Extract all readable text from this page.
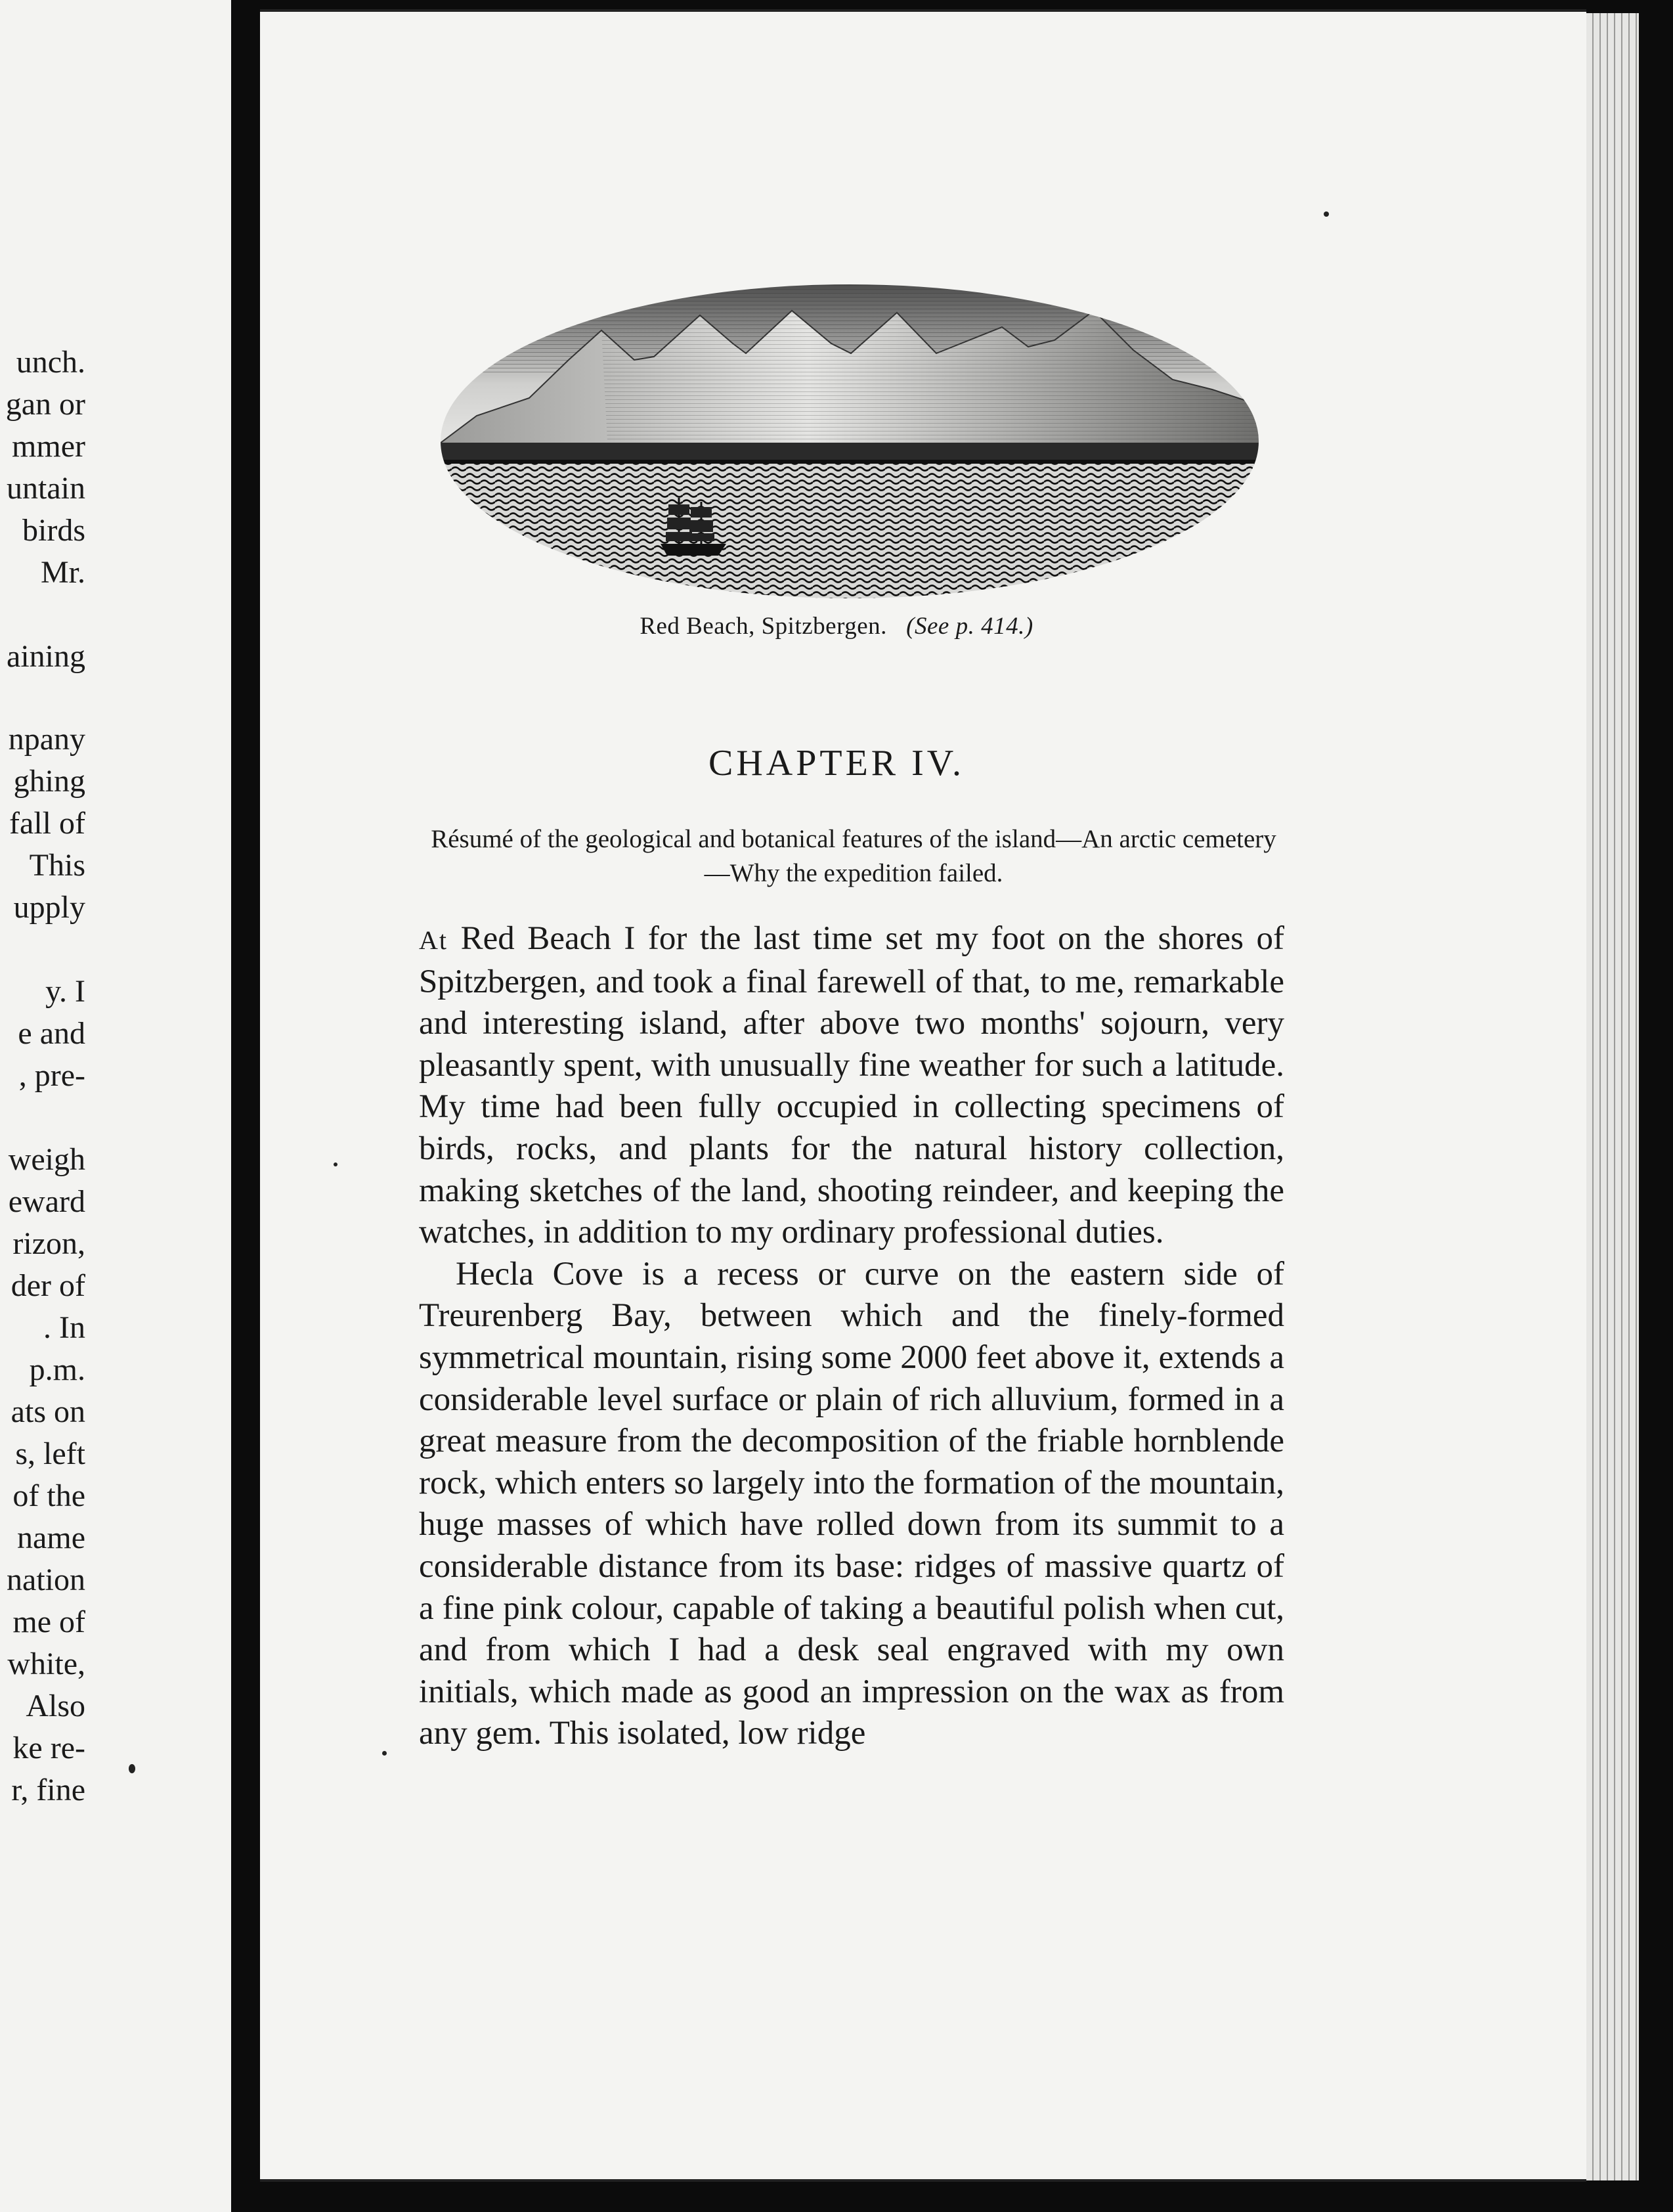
unch.
gan or
mmer
untain
birds
Mr.
aining
npany
ghing
fall of
This
upply
y. I
e and
, pre-
weigh
eward
rizon,
der of
. In
p.m.
ats on
s, left
of the
name
nation
me of
white,
Also
ke re-
r, fine
Red Beach, Spitzbergen. (See p. 414.)
CHAPTER IV.
Résumé of the geological and botanical features of the island—An arctic cemetery—Why the expedition failed.

At Red Beach I for the last time set my foot on the shores of Spitzbergen, and took a final farewell of that, to me, remarkable and interesting island, after above two months' sojourn, very pleasantly spent, with unusually fine weather for such a latitude. My time had been fully occupied in collecting specimens of birds, rocks, and plants for the natural history collection, making sketches of the land, shooting reindeer, and keeping the watches, in addition to my ordinary professional duties.

Hecla Cove is a recess or curve on the eastern side of Treurenberg Bay, between which and the finely-formed symmetrical mountain, rising some 2000 feet above it, extends a considerable level surface or plain of rich alluvium, formed in a great measure from the decomposition of the friable hornblende rock, which enters so largely into the formation of the mountain, huge masses of which have rolled down from its summit to a considerable distance from its base: ridges of massive quartz of a fine pink colour, capable of taking a beautiful polish when cut, and from which I had a desk seal engraved with my own initials, which made as good an impression on the wax as from any gem. This isolated, low ridge
